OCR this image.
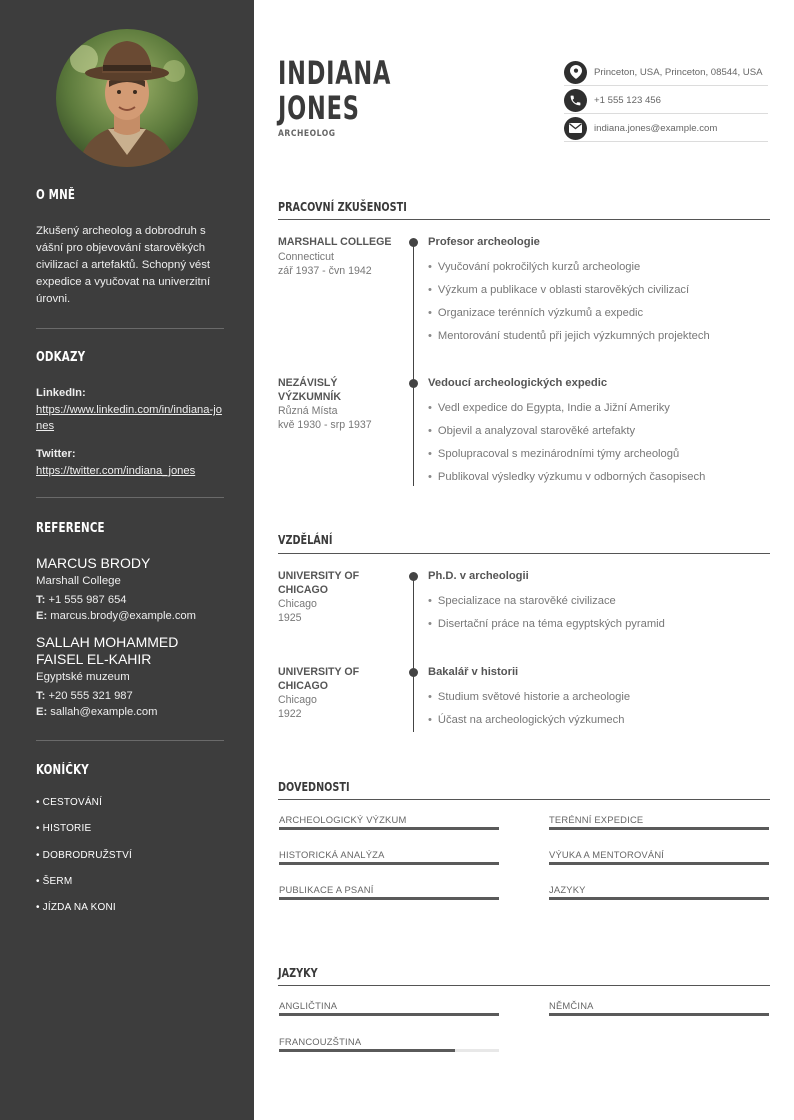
O MNĚ
Zkušený archeolog a dobrodruh s vášní pro objevování starověkých civilizací a artefaktů. Schopný vést expedice a vyučovat na univerzitní úrovni.
ODKAZY
LinkedIn:
https://www.linkedin.com/in/indiana-jones
Twitter:
https://twitter.com/indiana_jones
REFERENCE
MARCUS BRODY
Marshall College
T: +1 555 987 654
E: marcus.brody@example.com
SALLAH MOHAMMED FAISEL EL-KAHIR
Egyptské muzeum
T: +20 555 321 987
E: sallah@example.com
KONÍČKY
• CESTOVÁNÍ
• HISTORIE
• DOBRODRUŽSTVÍ
• ŠERM
• JÍZDA NA KONI
INDIANA
JONES
ARCHEOLOG
Princeton, USA, Princeton, 08544, USA
+1 555 123 456
indiana.jones@example.com
PRACOVNÍ ZKUŠENOSTI
MARSHALL COLLEGE
Connecticut
zář 1937 - čvn 1942
Profesor archeologie
• Vyučování pokročilých kurzů archeologie
• Výzkum a publikace v oblasti starověkých civilizací
• Organizace terénních výzkumů a expedic
• Mentorování studentů při jejich výzkumných projektech
NEZÁVISLÝ VÝZKUMNÍK
Různá Místa
kvě 1930 - srp 1937
Vedoucí archeologických expedic
• Vedl expedice do Egypta, Indie a Jižní Ameriky
• Objevil a analyzoval starověké artefakty
• Spolupracoval s mezinárodními týmy archeologů
• Publikoval výsledky výzkumu v odborných časopisech
VZDĚLÁNÍ
UNIVERSITY OF CHICAGO
Chicago
1925
Ph.D. v archeologii
• Specializace na starověké civilizace
• Disertační práce na téma egyptských pyramid
UNIVERSITY OF CHICAGO
Chicago
1922
Bakalář v historii
• Studium světové historie a archeologie
• Účast na archeologických výzkumech
DOVEDNOSTI
ARCHEOLOGICKÝ VÝZKUM	TERÉNNÍ EXPEDICE
HISTORICKÁ ANALÝZA	VÝUKA A MENTOROVÁNÍ
PUBLIKACE A PSANÍ	JAZYKY
JAZYKY
ANGLIČTINA	NĚMČINA
FRANCOUZŠTINA
